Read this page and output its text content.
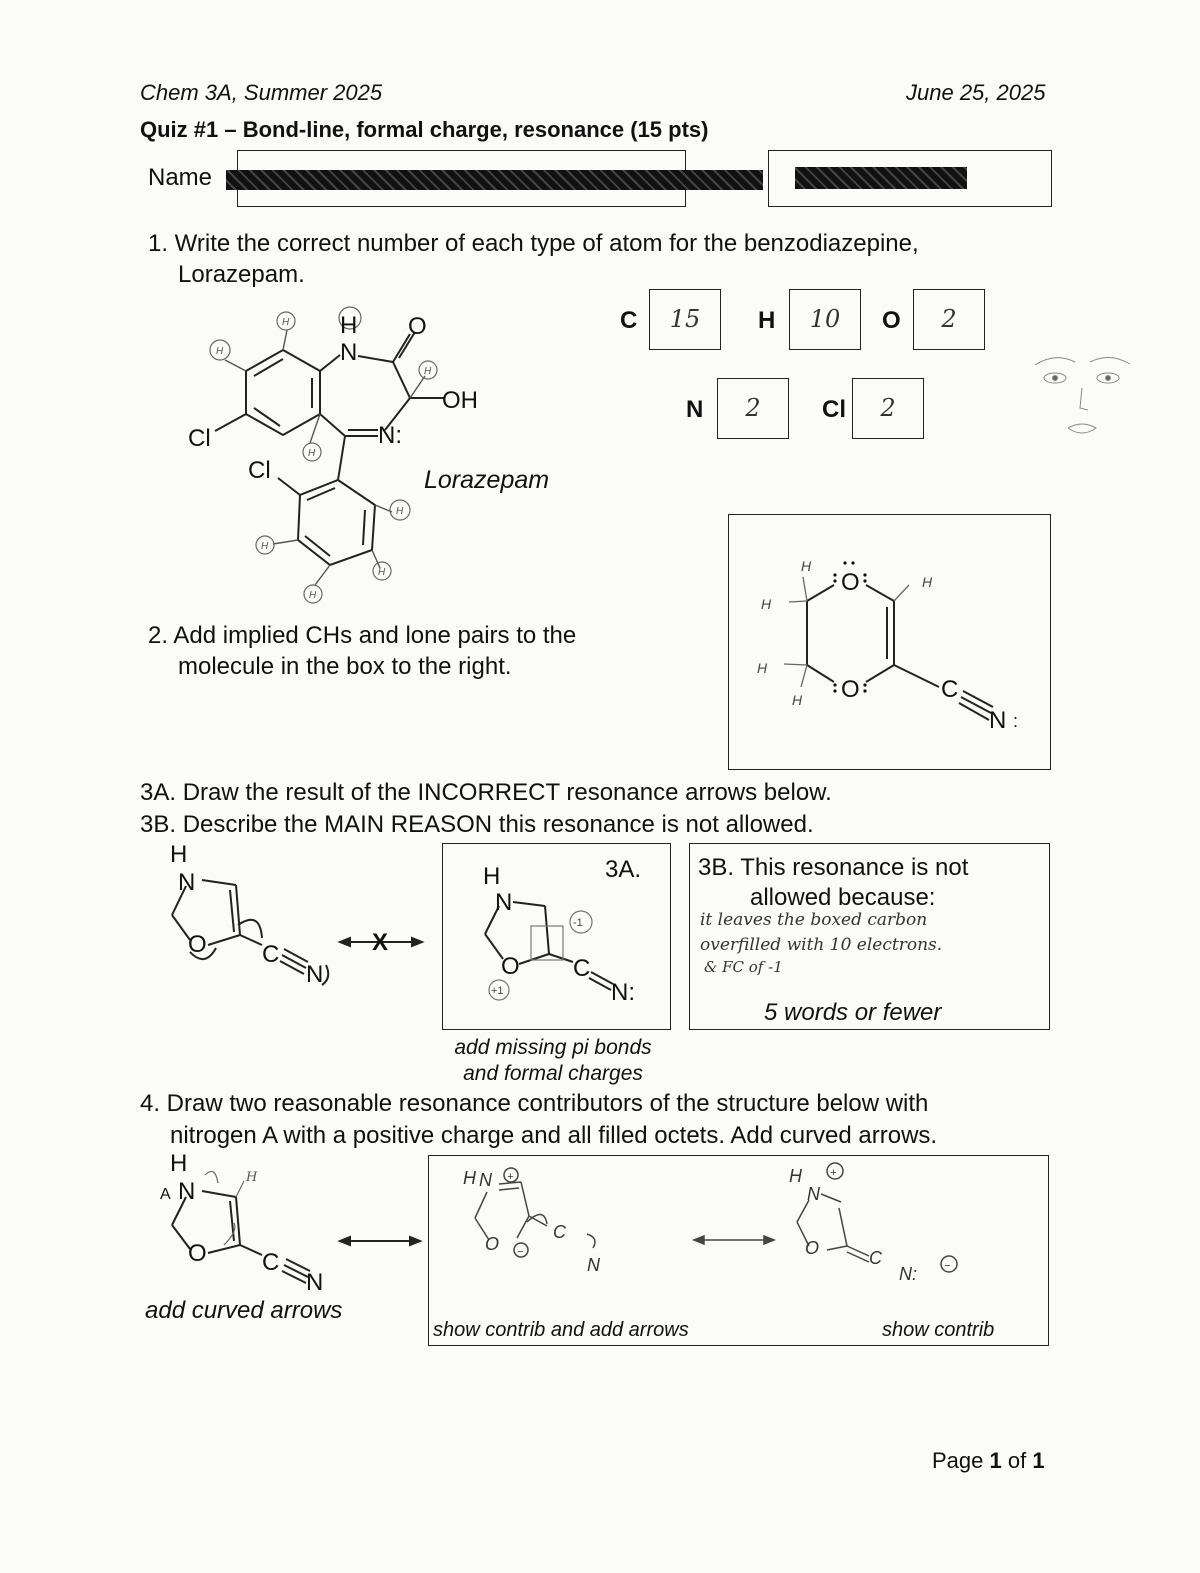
Chem 3A, Summer 2025	June 25, 2025
Quiz #1 – Bond-line, formal charge, resonance (15 pts)
Name
1. Write the correct number of each type of atom for the benzodiazepine,
Lorazepam.
H
N
O
OH
Cl
Cl
N:
H
H
H
H
H
H
H
H
Lorazepam
C	15	H	10	O	2
N	2	Cl	2
2. Add implied CHs and lone pairs to the
molecule in the box to the right.
O
O	C
N :
H
H
H
H
H
3A. Draw the result of the INCORRECT resonance arrows below.
3B. Describe the MAIN REASON this resonance is not allowed.
H
N
O C
N
X
3A.
H
N
O C
N:
-1
+1
add missing pi bonds
and formal charges
3B. This resonance is not
allowed because:
it leaves the boxed carbon
overfilled with 10 electrons.
& FC of -1
5 words or fewer
4. Draw two reasonable resonance contributors of the structure below with
nitrogen A with a positive charge and all filled octets. Add curved arrows.
H
A N
O C
N
H
add curved arrows
H N +
O −
C
N
H
N
+
O	C
N: −
show contrib and add arrows	show contrib
Page 1 of 1
